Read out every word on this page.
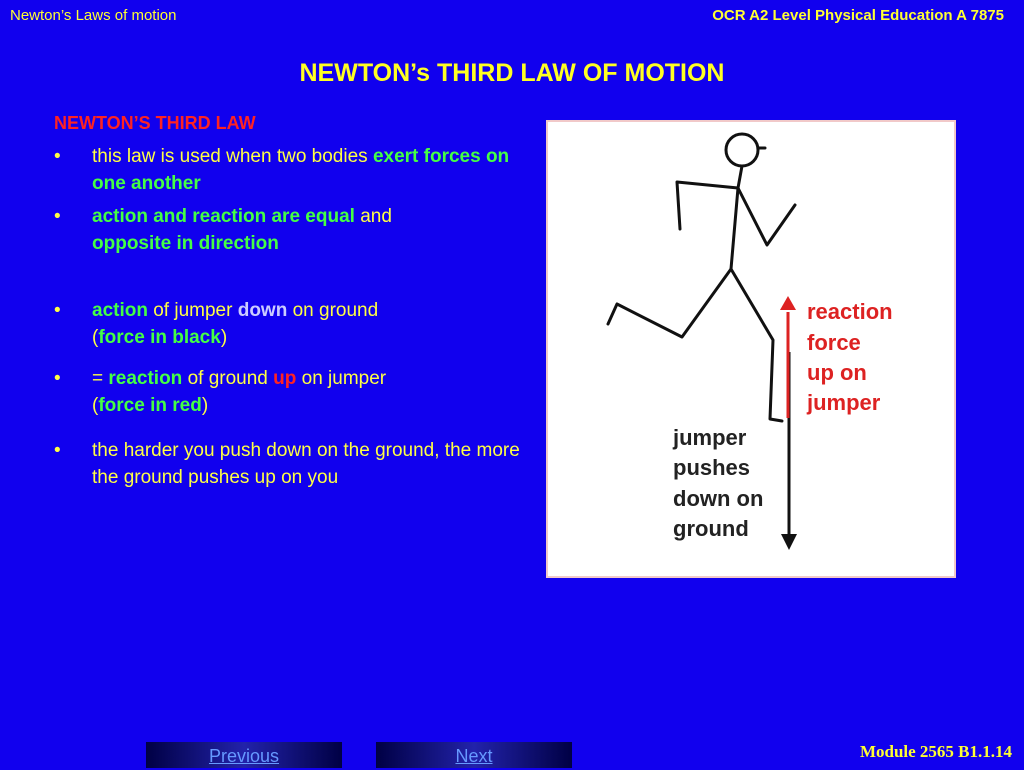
Newton’s Laws of motion	OCR A2 Level Physical Education A 7875
NEWTON’s THIRD LAW OF MOTION
NEWTON’S THIRD LAW
• this law is used when two bodies exert forces on one another
• action and reaction are equal and
opposite in direction
• action of jumper down on ground
(force in black)
• = reaction of ground up on jumper
(force in red)
• the harder you push down on the ground, the more the ground pushes up on you
reaction
force
up on
jumper
jumper
pushes
down on
ground
Previous	Next	Module 2565 B1.1.14
